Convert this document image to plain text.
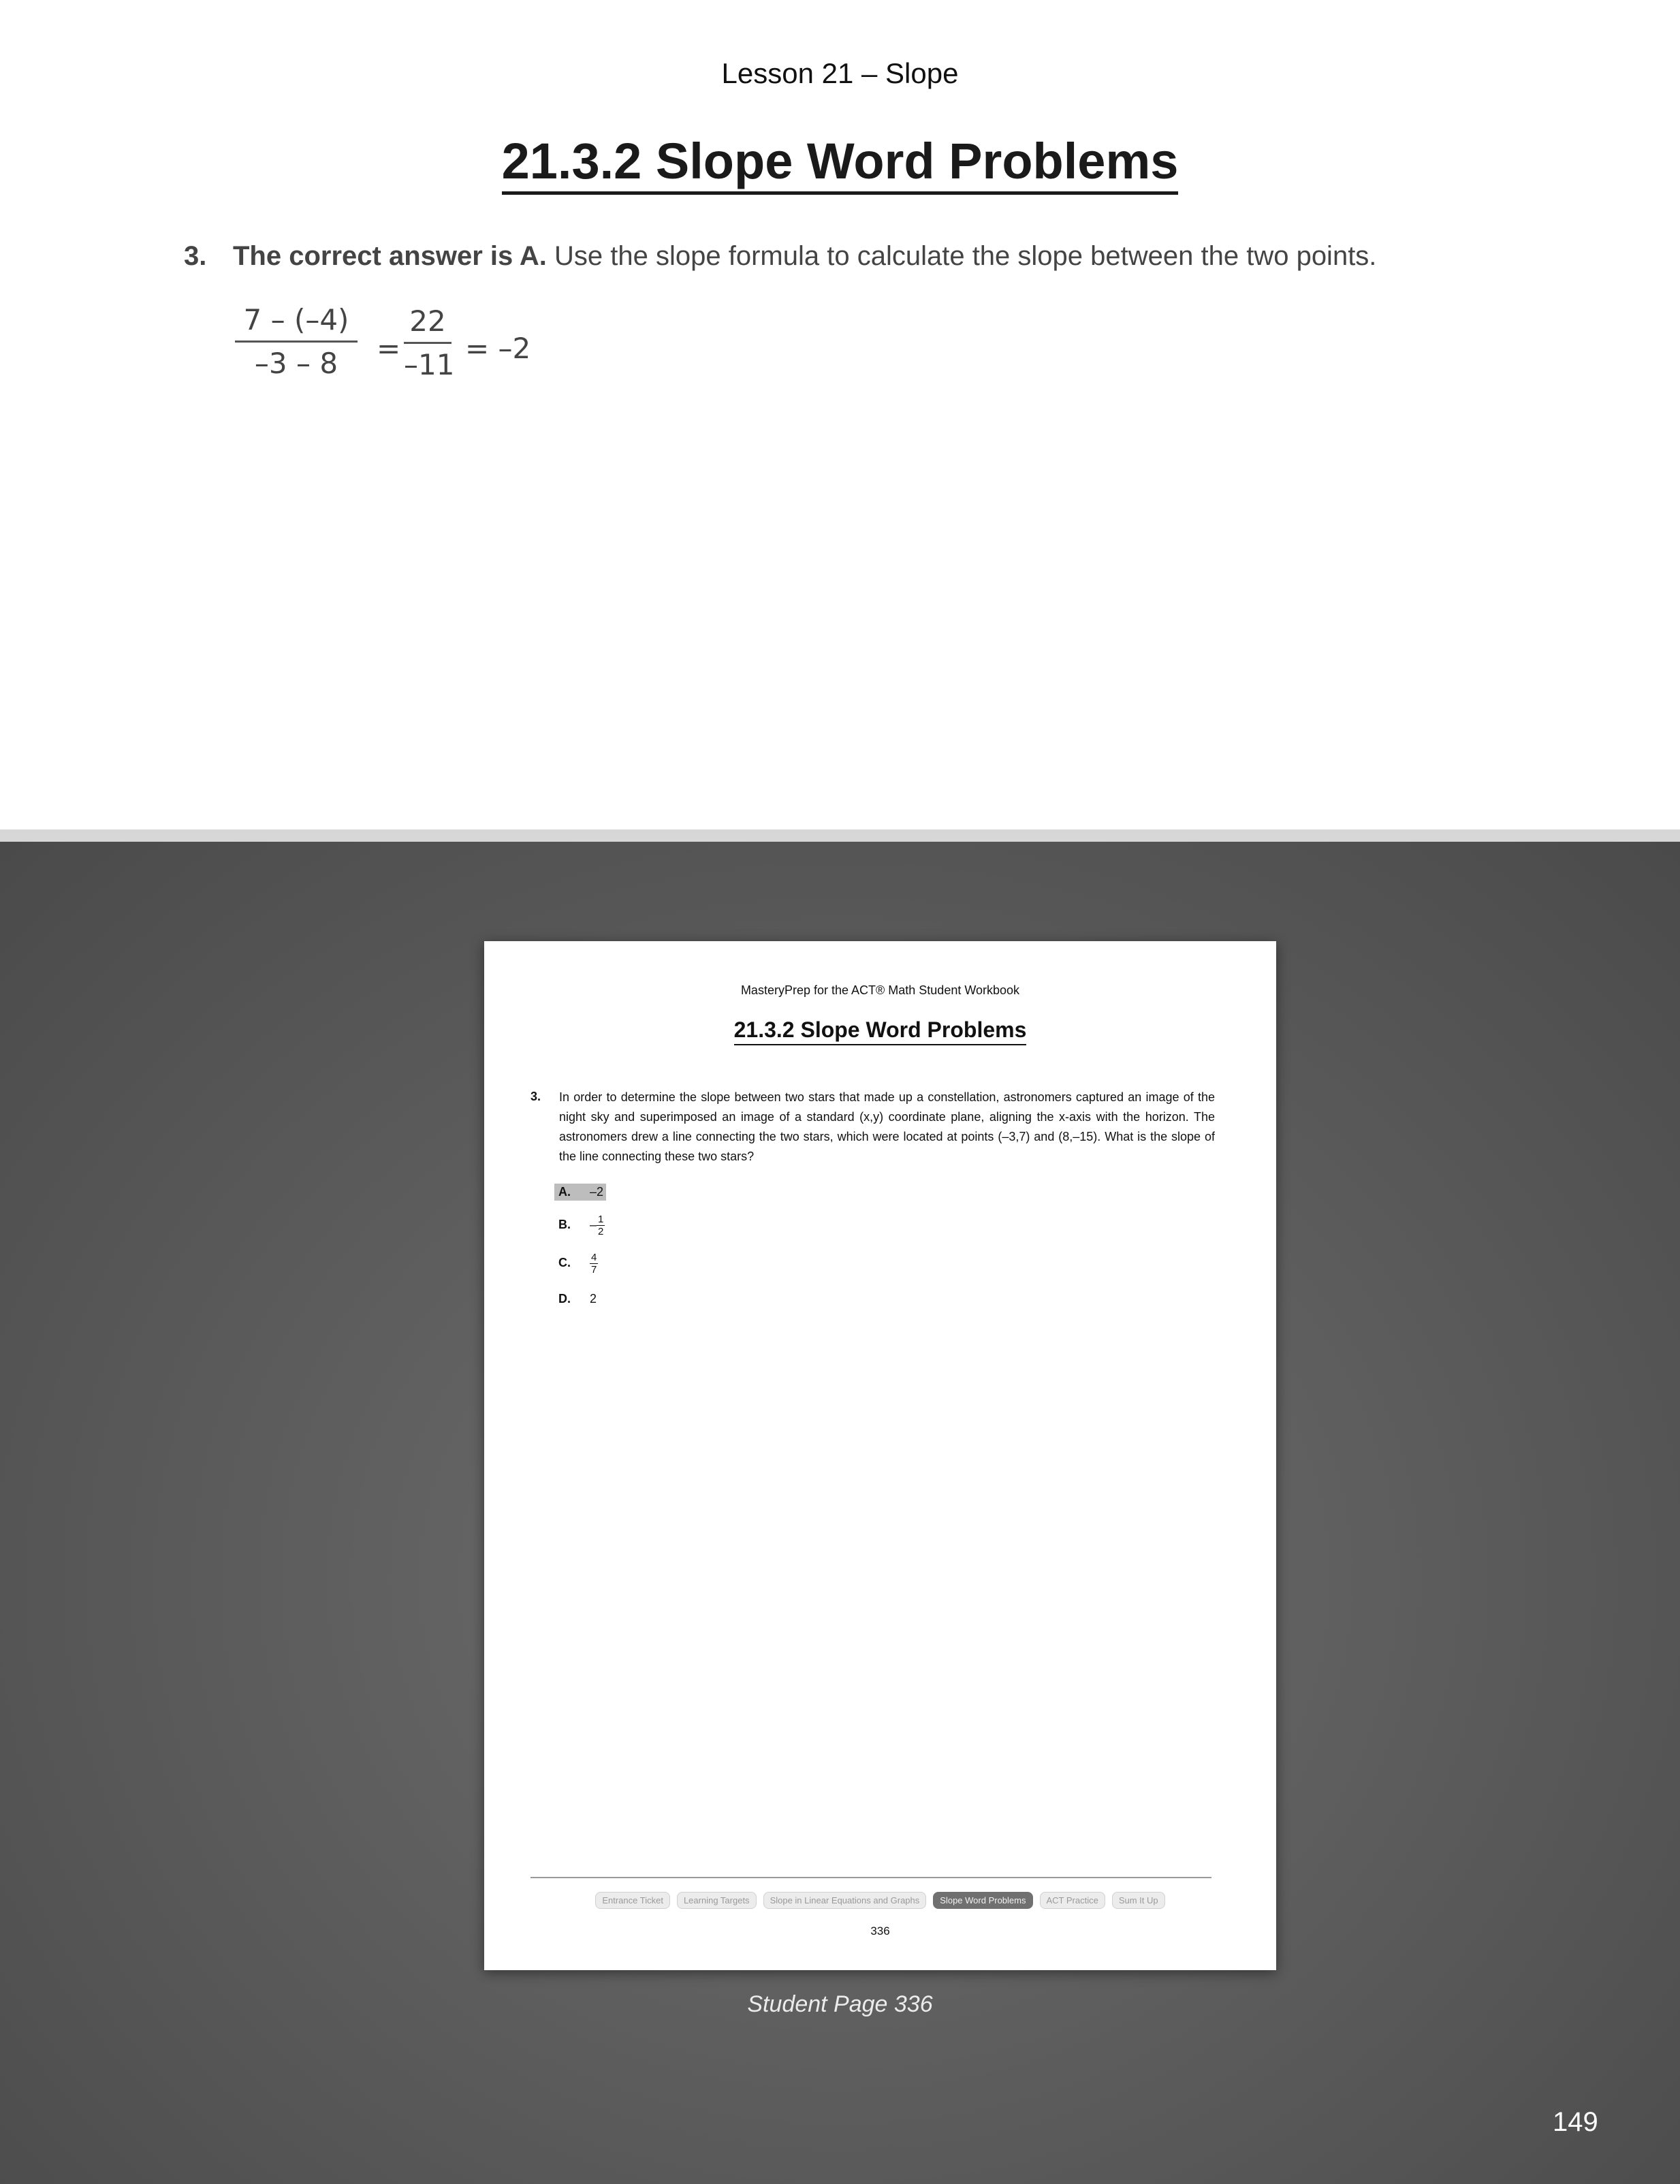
Lesson 21 – Slope
21.3.2 Slope Word Problems
3. The correct answer is A. Use the slope formula to calculate the slope between the two points.
$\frac{7 - (-4)}{-3 - 8} = \frac{22}{-11} = -2$
MasteryPrep for the ACT® Math Student Workbook
21.3.2 Slope Word Problems
3. In order to determine the slope between two stars that made up a constellation, astronomers captured an image of the night sky and superimposed an image of a standard (x,y) coordinate plane, aligning the x-axis with the horizon. The astronomers drew a line connecting the two stars, which were located at points (–3,7) and (8,–15). What is the slope of the line connecting these two stars?
A. –2
B. – $\frac{1}{2}$
C. $\frac{4}{7}$
D. 2
Entrance Ticket Learning Targets Slope in Linear Equations and Graphs Slope Word Problems ACT Practice Sum It Up
336
Student Page 336
149
